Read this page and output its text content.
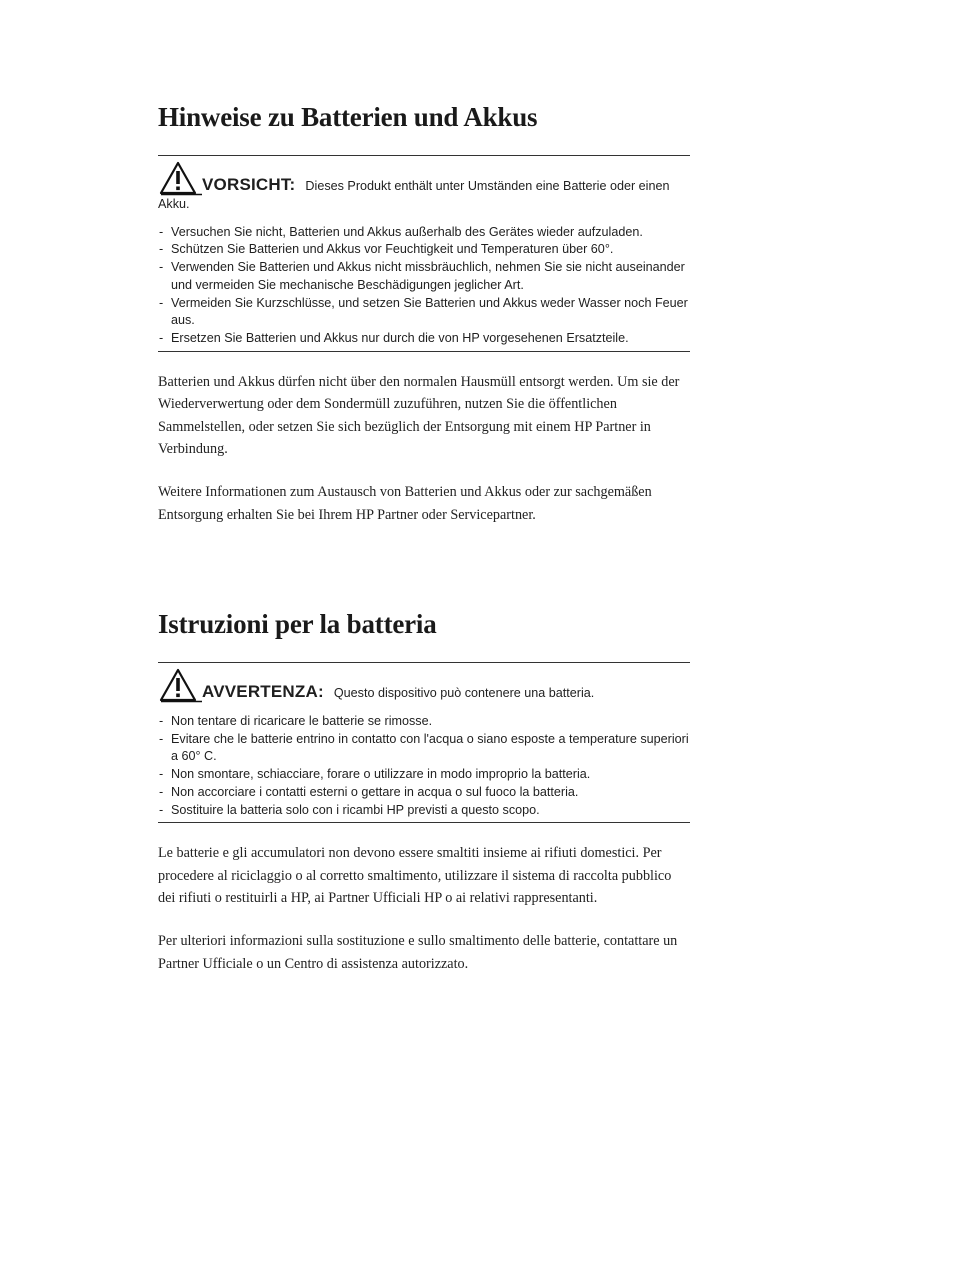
Hinweise zu Batterien und Akkus
VORSICHT: Dieses Produkt enthält unter Umständen eine Batterie oder einen Akku.
- Versuchen Sie nicht, Batterien und Akkus außerhalb des Gerätes wieder aufzuladen.
- Schützen Sie Batterien und Akkus vor Feuchtigkeit und Temperaturen über 60°.
- Verwenden Sie Batterien und Akkus nicht missbräuchlich, nehmen Sie sie nicht auseinander und vermeiden Sie mechanische Beschädigungen jeglicher Art.
- Vermeiden Sie Kurzschlüsse, und setzen Sie Batterien und Akkus weder Wasser noch Feuer aus.
- Ersetzen Sie Batterien und Akkus nur durch die von HP vorgesehenen Ersatzteile.

Batterien und Akkus dürfen nicht über den normalen Hausmüll entsorgt werden. Um sie der Wiederverwertung oder dem Sondermüll zuzuführen, nutzen Sie die öffentlichen Sammelstellen, oder setzen Sie sich bezüglich der Entsorgung mit einem HP Partner in Verbindung.

Weitere Informationen zum Austausch von Batterien und Akkus oder zur sachgemäßen Entsorgung erhalten Sie bei Ihrem HP Partner oder Servicepartner.

Istruzioni per la batteria
AVVERTENZA: Questo dispositivo può contenere una batteria.
- Non tentare di ricaricare le batterie se rimosse.
- Evitare che le batterie entrino in contatto con l'acqua o siano esposte a temperature superiori a 60° C.
- Non smontare, schiacciare, forare o utilizzare in modo improprio la batteria.
- Non accorciare i contatti esterni o gettare in acqua o sul fuoco la batteria.
- Sostituire la batteria solo con i ricambi HP previsti a questo scopo.

Le batterie e gli accumulatori non devono essere smaltiti insieme ai rifiuti domestici. Per procedere al riciclaggio o al corretto smaltimento, utilizzare il sistema di raccolta pubblico dei rifiuti o restituirli a HP, ai Partner Ufficiali HP o ai relativi rappresentanti.

Per ulteriori informazioni sulla sostituzione e sullo smaltimento delle batterie, contattare un Partner Ufficiale o un Centro di assistenza autorizzato.
